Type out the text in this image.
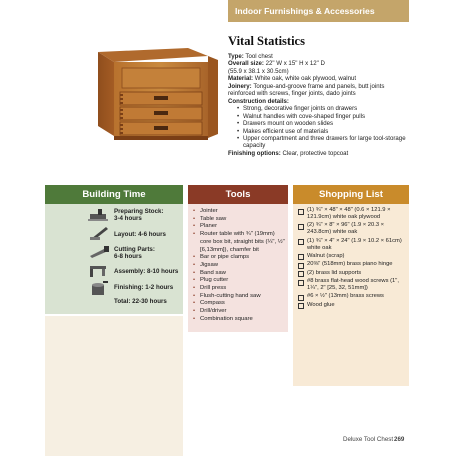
Indoor Furnishings & Accessories
Vital Statistics
Type: Tool chest
Overall size: 22" W x 15" H x 12" D
(55.9 x 38.1 x 30.5cm)
Material: White oak, white oak plywood, walnut
Joinery: Tongue-and-groove frame and panels, butt joints reinforced with screws, finger joints, dado joints
Construction details:
• Strong, decorative finger joints on drawers
• Walnut handles with cove-shaped finger pulls
• Drawers mount on wooden slides
• Makes efficient use of materials
• Upper compartment and three drawers for large tool-storage capacity
Finishing options: Clear, protective topcoat
Building Time
Preparing Stock:
3-4 hours
Layout: 4-6 hours
Cutting Parts:
6-8 hours
Assembly: 8-10 hours
Finishing: 1-2 hours
Total: 22-30 hours
Tools
• Jointer
• Table saw
• Planer
• Router table with ¾" (19mm) core box bit, straight bits (¼", ½" [6,13mm]), chamfer bit
• Bar or pipe clamps
• Jigsaw
• Band saw
• Plug cutter
• Drill press
• Flush-cutting hand saw
• Compass
• Drill/driver
• Combination square
Shopping List
(1) ¾" × 48" × 48" (0.6 × 121.9 × 121.9cm) white oak plywood
(2) ¾" × 8" × 96" (1.9 × 20.3 × 243.8cm) white oak
(1) ¾" × 4" × 24" (1.9 × 10.2 × 61cm) white oak
Walnut (scrap)
20⅜" (518mm) brass piano hinge
(2) brass lid supports
#8 brass flat-head wood screws (1", 1¼", 2" [25, 32, 51mm])
#6 × ½" (13mm) brass screws
Wood glue
Deluxe Tool Chest 269
